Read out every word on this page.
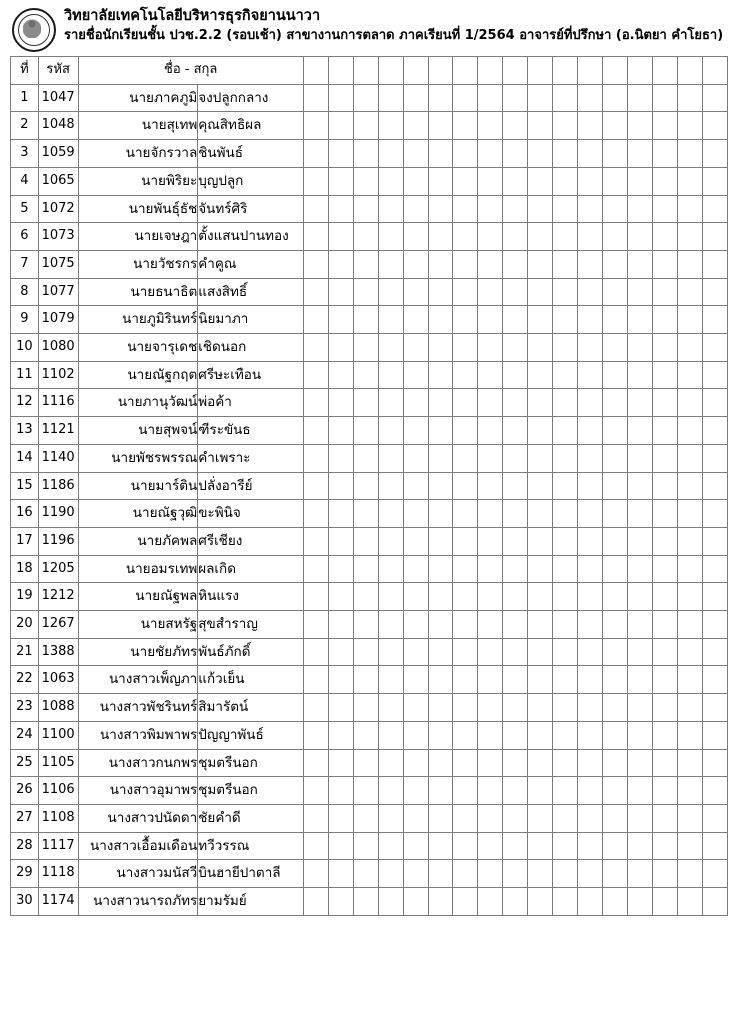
วิทยาลัยเทคโนโลยีบริหารธุรกิจยานนาวา
รายชื่อนักเรียนชั้น ปวช.2.2 (รอบเช้า) สาขางานการตลาด ภาคเรียนที่ 1/2564 อาจารย์ที่ปรึกษา (อ.นิตยา คำโยธา)
ที่	รหัส	ชื่อ - สกุล																		
1	1047	นายภาคภูมิ	จงปลูกกลาง																	
2	1048	นายสุเทพ	คุณสิทธิผล																	
3	1059	นายจักรวาล	ชินพันธ์																	
4	1065	นายพิริยะ	บุญปลูก																	
5	1072	นายพันธุ์ธัช	จันทร์ศิริ																	
6	1073	นายเจษฎา	ตั้งแสนปานทอง																	
7	1075	นายวัชรกร	คำคูณ																	
8	1077	นายธนาธิต	แสงสิทธิ์																	
9	1079	นายภูมิรินทร์	นิยมาภา																	
10	1080	นายจารุเดช	เชิดนอก																	
11	1102	นายณัฐกฤต	ศรีษะเทือน																	
12	1116	นายภานุวัฒน์	พ่อค้า																	
13	1121	นายสุพจน์	ฑีระขันธ																	
14	1140	นายพัชรพรรณ	คำเพราะ																	
15	1186	นายมาร์ติน	ปลั่งอารีย์																	
16	1190	นายณัฐวุฒิ	ขะพินิจ																	
17	1196	นายภัคพล	ศรีเชียง																	
18	1205	นายอมรเทพ	ผลเกิด																	
19	1212	นายณัฐพล	หินแรง																	
20	1267	นายสหรัฐ	สุขสำราญ																	
21	1388	นายชัยภัทร	พันธ์ภักดิ์																	
22	1063	นางสาวเพ็ญภา	แก้วเย็น																	
23	1088	นางสาวพัชรินทร์	สิมารัตน์																	
24	1100	นางสาวพิมพาพร	ปัญญาพันธ์																	
25	1105	นางสาวกนกพร	ชุมตรีนอก																	
26	1106	นางสาวอุมาพร	ชุมตรีนอก																	
27	1108	นางสาวปนัดดา	ชัยคำดี																	
28	1117	นางสาวเอื้อมเดือน	ทวีวรรณ																	
29	1118	นางสาวมนัสวี	บินฮายีปาตาลี																	
30	1174	นางสาวนารถภัทร	ยามรัมย์																	
